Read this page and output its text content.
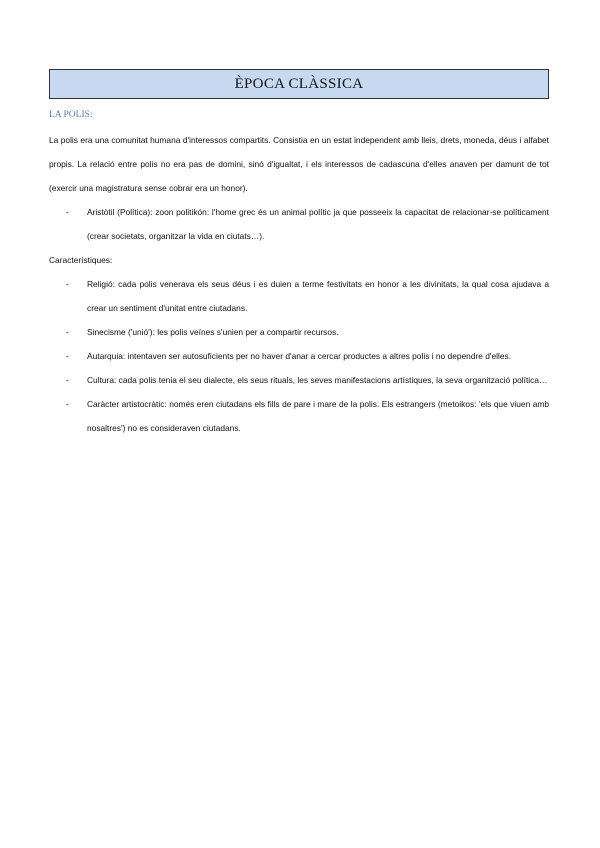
ÈPOCA CLÀSSICA
LA POLIS:

La polis era una comunitat humana d'interessos compartits. Consistia en un estat independent amb lleis, drets, moneda, déus i alfabet propis. La relació entre polis no era pas de domini, sinó d'igualtat, i els interessos de cadascuna d'elles anaven per damunt de tot (exercir una magistratura sense cobrar era un honor).

- Aristòtil (Política): zoon politikón: l'home grec és un animal polític ja que posseeix la capacitat de relacionar-se políticament (crear societats, organitzar la vida en ciutats…).

Característiques:

- Religió: cada polis venerava els seus déus i es duien a terme festivitats en honor a les divinitats, la qual cosa ajudava a crear un sentiment d'unitat entre ciutadans.
- Sinecisme ('unió'): les polis veïnes s'unien per a compartir recursos.
- Autarquia: intentaven ser autosuficients per no haver d'anar a cercar productes a altres polis i no dependre d'elles.
- Cultura: cada polis tenia el seu dialecte, els seus rituals, les seves manifestacions artístiques, la seva organització política…
- Caràcter artistocràtic: només eren ciutadans els fills de pare i mare de la polis. Els estrangers (metoikos: 'els que viuen amb nosaltres') no es consideraven ciutadans.
